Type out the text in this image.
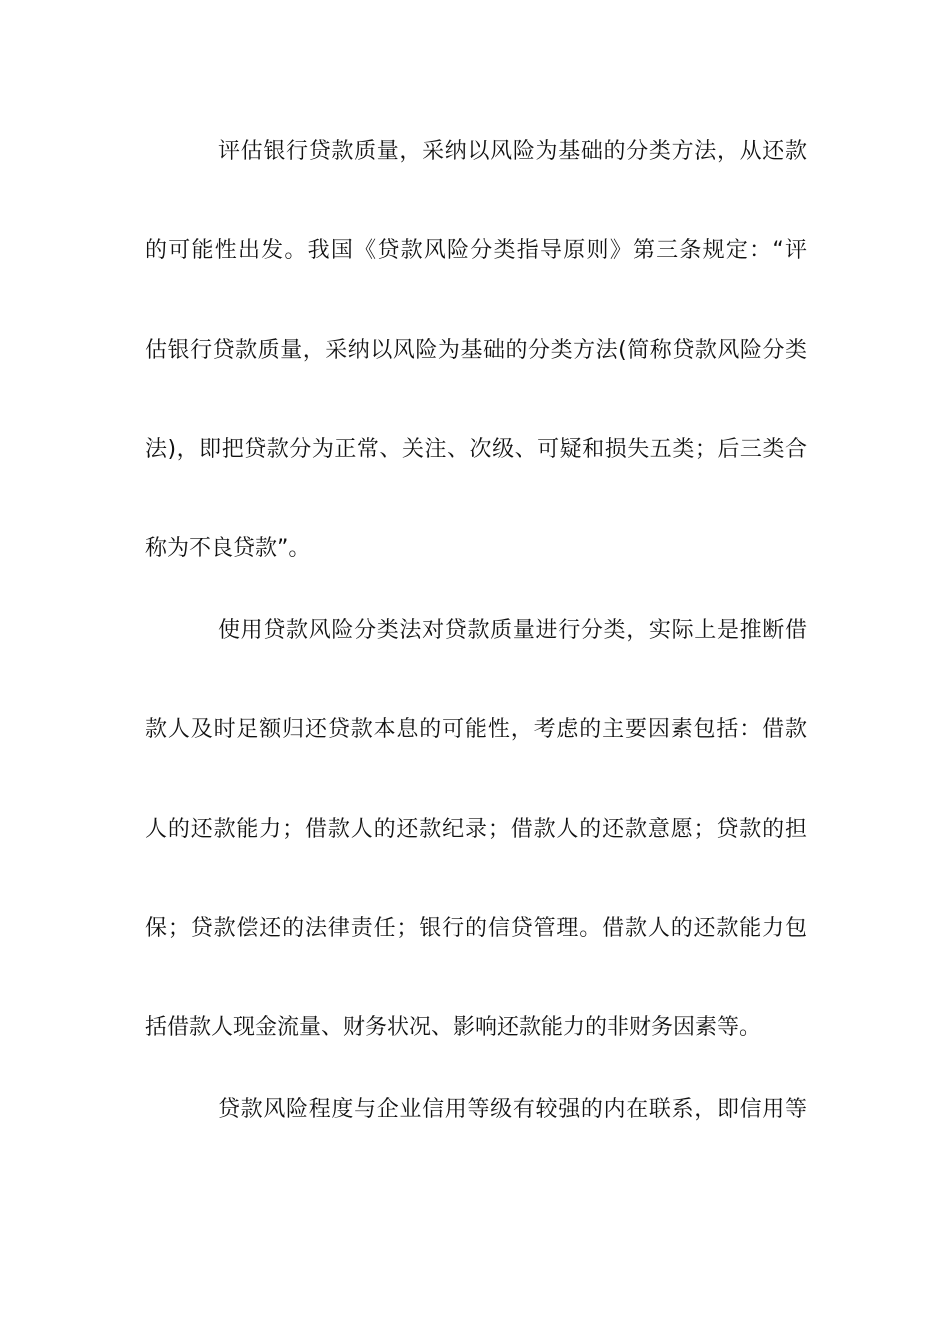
评估银行贷款质量，采纳以风险为基础的分类方法，从还款

的可能性出发。我国《贷款风险分类指导原则》第三条规定：“评

估银行贷款质量，采纳以风险为基础的分类方法(简称贷款风险分类

法)，即把贷款分为正常、关注、次级、可疑和损失五类；后三类合

称为不良贷款”。

使用贷款风险分类法对贷款质量进行分类，实际上是推断借

款人及时足额归还贷款本息的可能性，考虑的主要因素包括：借款

人的还款能力；借款人的还款纪录；借款人的还款意愿；贷款的担

保；贷款偿还的法律责任；银行的信贷管理。借款人的还款能力包

括借款人现金流量、财务状况、影响还款能力的非财务因素等。

贷款风险程度与企业信用等级有较强的内在联系，即信用等
